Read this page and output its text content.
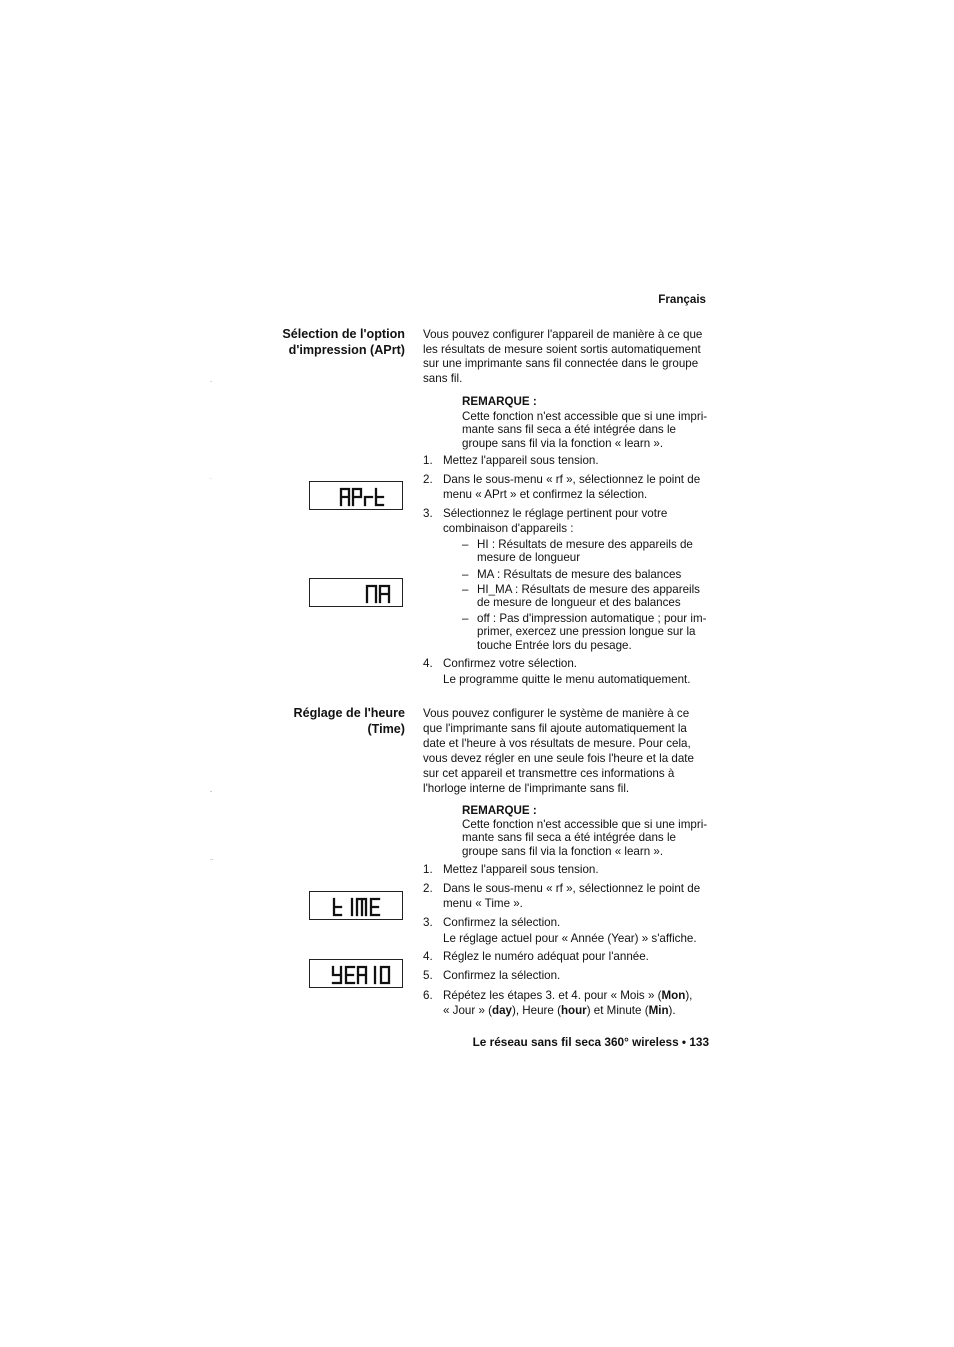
Français
Sélection de l'option
d'impression (APrt)
Vous pouvez configurer l'appareil de manière à ce que
les résultats de mesure soient sortis automatiquement
sur une imprimante sans fil connectée dans le groupe
sans fil.
REMARQUE :
Cette fonction n'est accessible que si une impri-
mante sans fil seca a été intégrée dans le
groupe sans fil via la fonction « learn ».
1. Mettez l'appareil sous tension.
2. Dans le sous-menu « rf », sélectionnez le point de
menu « APrt » et confirmez la sélection.
3. Sélectionnez le réglage pertinent pour votre
combinaison d'appareils :
– HI : Résultats de mesure des appareils de
mesure de longueur
– MA : Résultats de mesure des balances
– HI_MA : Résultats de mesure des appareils
de mesure de longueur et des balances
– off : Pas d'impression automatique ; pour im-
primer, exercez une pression longue sur la
touche Entrée lors du pesage.
4. Confirmez votre sélection.
Le programme quitte le menu automatiquement.
APrt
MA
Réglage de l'heure
(Time)
Vous pouvez configurer le système de manière à ce
que l'imprimante sans fil ajoute automatiquement la
date et l'heure à vos résultats de mesure. Pour cela,
vous devez régler en une seule fois l'heure et la date
sur cet appareil et transmettre ces informations à
l'horloge interne de l'imprimante sans fil.
REMARQUE :
Cette fonction n'est accessible que si une impri-
mante sans fil seca a été intégrée dans le
groupe sans fil via la fonction « learn ».
1. Mettez l'appareil sous tension.
2. Dans le sous-menu « rf », sélectionnez le point de
menu « Time ».
3. Confirmez la sélection.
Le réglage actuel pour « Année (Year) » s'affiche.
4. Réglez le numéro adéquat pour l'année.
5. Confirmez la sélection.
6. Répétez les étapes 3. et 4. pour « Mois » (Mon),
« Jour » (day), Heure (hour) et Minute (Min).
tIME
YEA10
Le réseau sans fil seca 360° wireless • 133
